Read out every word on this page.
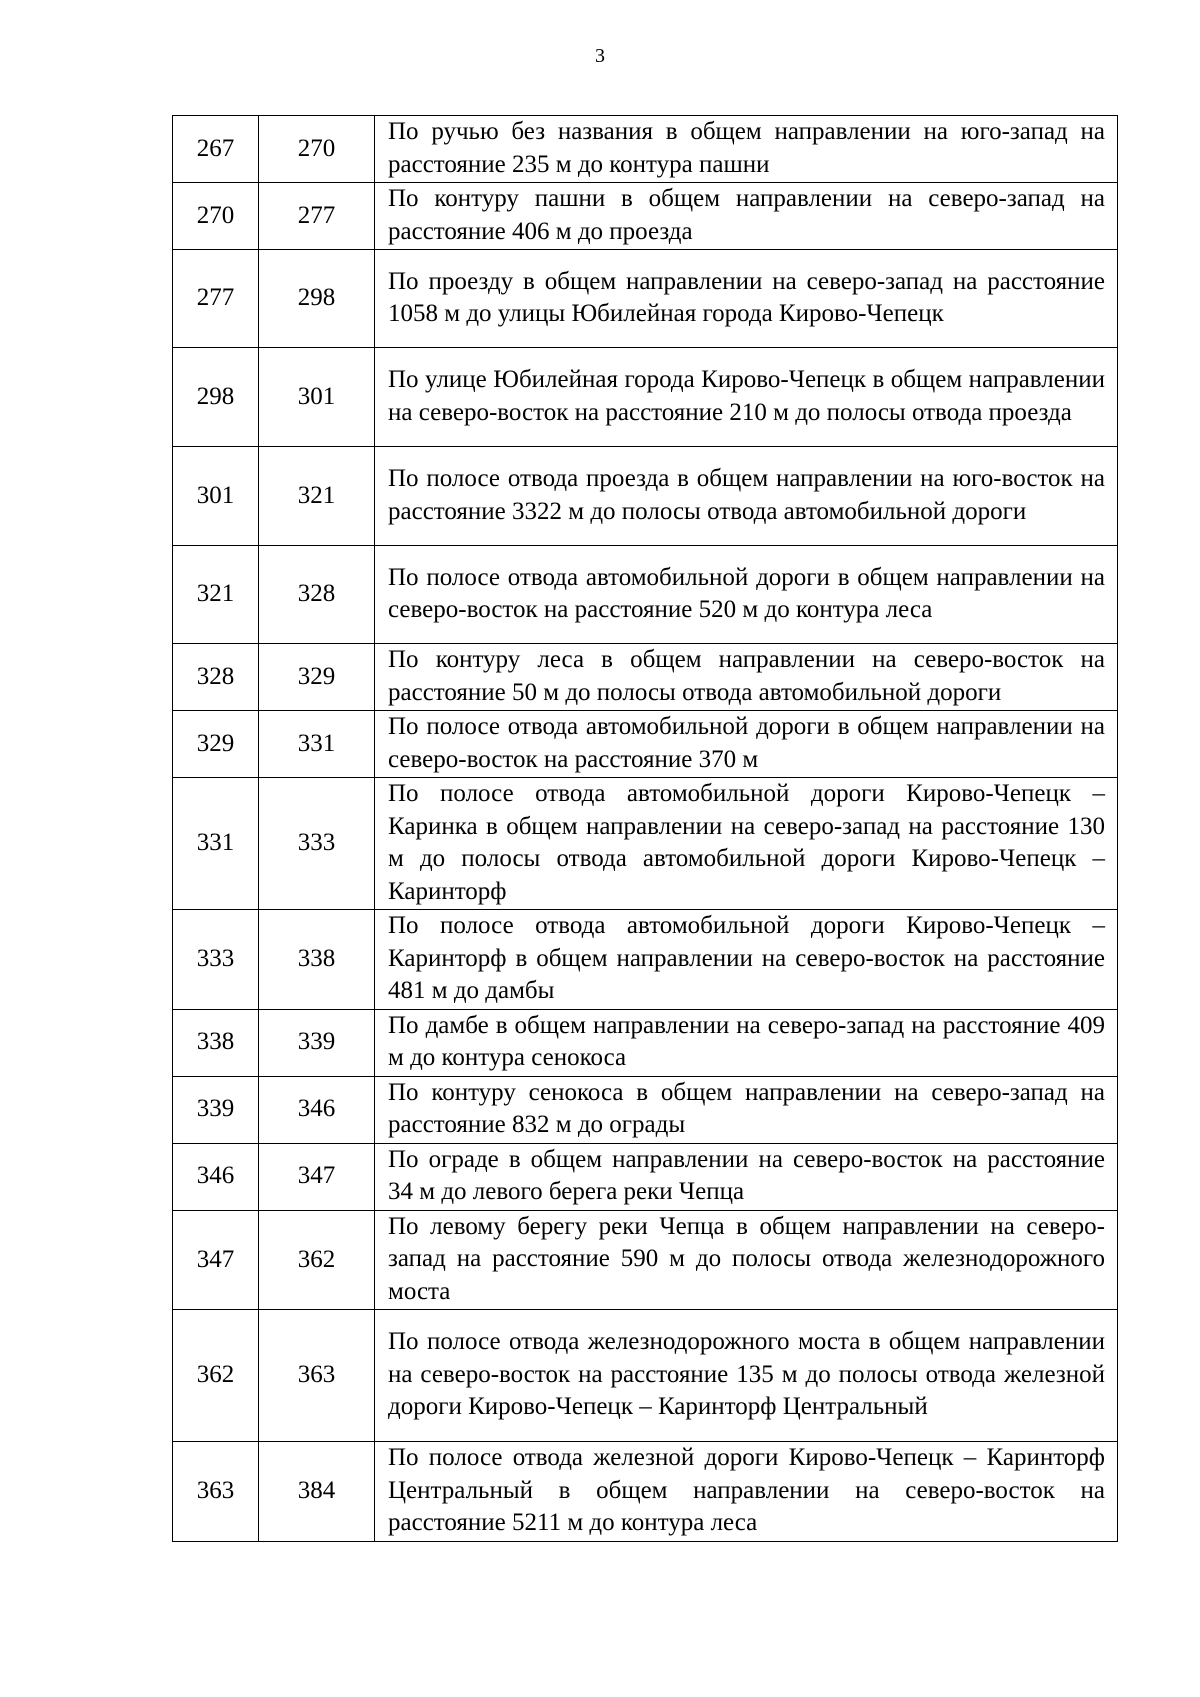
3
267	270	По ручью без названия в общем направлении на юго-запад на расстояние 235 м до контура пашни
270	277	По контуру пашни в общем направлении на северо-запад на расстояние 406 м до проезда
277	298	По проезду в общем направлении на северо-запад на расстояние 1058 м до улицы Юбилейная города Кирово-Чепецк
298	301	По улице Юбилейная города Кирово-Чепецк в общем направлении на северо-восток на расстояние 210 м до полосы отвода проезда
301	321	По полосе отвода проезда в общем направлении на юго-восток на расстояние 3322 м до полосы отвода автомобильной дороги
321	328	По полосе отвода автомобильной дороги в общем направлении на северо-восток на расстояние 520 м до контура леса
328	329	По контуру леса в общем направлении на северо-восток на расстояние 50 м до полосы отвода автомобильной дороги
329	331	По полосе отвода автомобильной дороги в общем направлении на северо-восток на расстояние 370 м
331	333	По полосе отвода автомобильной дороги Кирово-Чепецк – Каринка в общем направлении на северо-запад на расстояние 130 м до полосы отвода автомобильной дороги Кирово-Чепецк – Каринторф
333	338	По полосе отвода автомобильной дороги Кирово-Чепецк – Каринторф в общем направлении на северо-восток на расстояние 481 м до дамбы
338	339	По дамбе в общем направлении на северо-запад на расстояние 409 м до контура сенокоса
339	346	По контуру сенокоса в общем направлении на северо-запад на расстояние 832 м до ограды
346	347	По ограде в общем направлении на северо-восток на расстояние 34 м до левого берега реки Чепца
347	362	По левому берегу реки Чепца в общем направлении на северо-запад на расстояние 590 м до полосы отвода железнодорожного моста
362	363	По полосе отвода железнодорожного моста в общем направлении на северо-восток на расстояние 135 м до полосы отвода железной дороги Кирово-Чепецк – Каринторф Центральный
363	384	По полосе отвода железной дороги Кирово-Чепецк – Каринторф Центральный в общем направлении на северо-восток на расстояние 5211 м до контура леса
